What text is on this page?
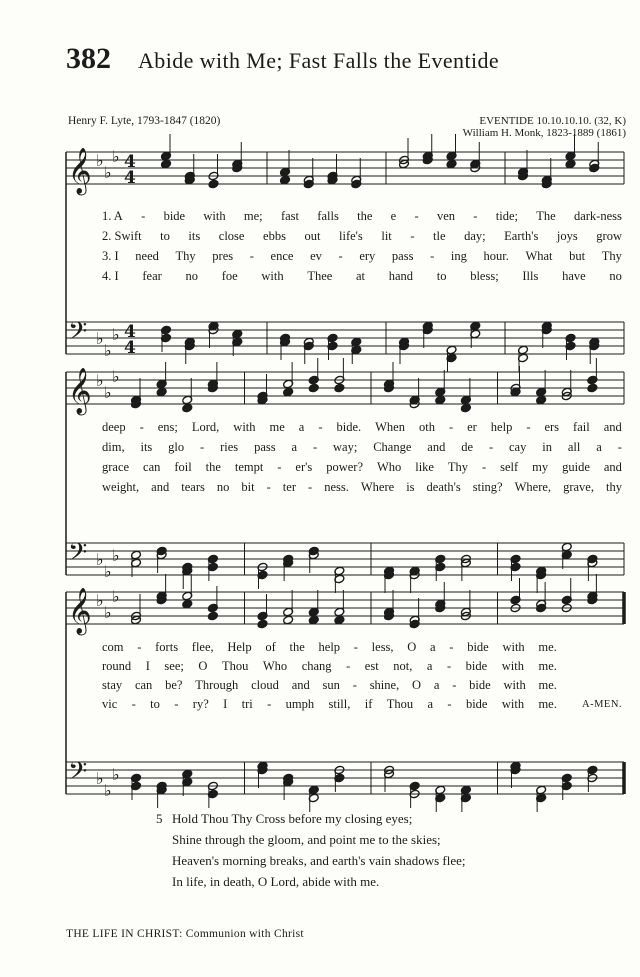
382 Abide with Me; Fast Falls the Eventide
Henry F. Lyte, 1793-1847 (1820)	EVENTIDE 10.10.10.10. (32, K)
William H. Monk, 1823-1889 (1861)
𝄞 ♭
♭
♭ 4
4
𝄢 ♭
♭
♭ 4
4
1. A - bide with me; fast falls the e - ven - tide; The dark-ness
2. Swift to its close ebbs out life's lit - tle day; Earth's joys grow
3. I need Thy pres - ence ev - ery pass - ing hour. What but Thy
4. I fear no foe with Thee at hand to bless; Ills have no
𝄞 ♭
♭
♭
𝄢 ♭
♭
♭
deep - ens; Lord, with me a - bide. When oth - er help - ers fail and
dim, its glo - ries pass a - way; Change and de - cay in all a -
grace can foil the tempt - er's power? Who like Thy - self my guide and
weight, and tears no bit - ter - ness. Where is death's sting? Where, grave, thy
𝄞 ♭
♭
♭
𝄢 ♭
♭
♭
com - forts flee, Help of the help - less, O a - bide with me.
round I see; O Thou Who chang - est not, a - bide with me.
stay can be? Through cloud and sun - shine, O a - bide with me.
vic - to - ry? I tri - umph still, if Thou a - bide with me. A-MEN.
5 Hold Thou Thy Cross before my closing eyes;
Shine through the gloom, and point me to the skies;
Heaven's morning breaks, and earth's vain shadows flee;
In life, in death, O Lord, abide with me.
THE LIFE IN CHRIST: Communion with Christ
